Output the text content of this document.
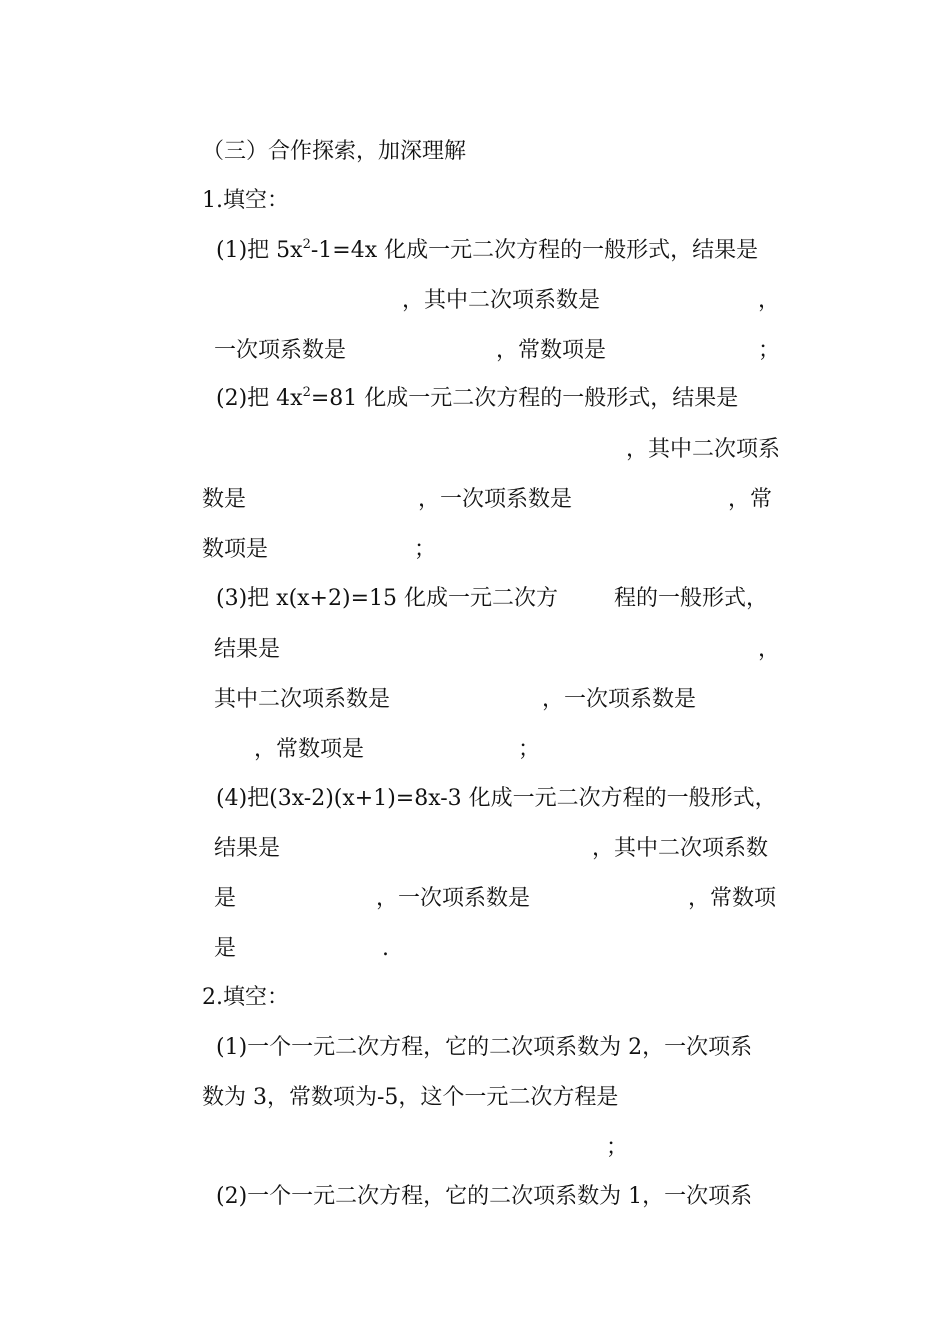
（三）合作探索，加深理解
1.填空：
(1)把 $5x^2-1=4x$ 化成一元二次方程的一般形式，结果是
，其中二次项系数是	，
一次项系数是	，常数项是	；
(2)把 $4x^2=81$ 化成一元二次方程的一般形式，结果是
，其中二次项系
数是	，一次项系数是	，常
数项是	；
(3)把 x(x+2)=15 化成一元二次方	程的一般形式，
结果是	，
其中二次项系数是	，一次项系数是
，常数项是	；
(4)把(3x-2)(x+1)=8x-3 化成一元二次方程的一般形式，
结果是	，其中二次项系数
是	，一次项系数是	，常数项
是	.
2.填空：
(1)一个一元二次方程，它的二次项系数为 2，一次项系
数为 3，常数项为-5，这个一元二次方程是
；
(2)一个一元二次方程，它的二次项系数为 1，一次项系
